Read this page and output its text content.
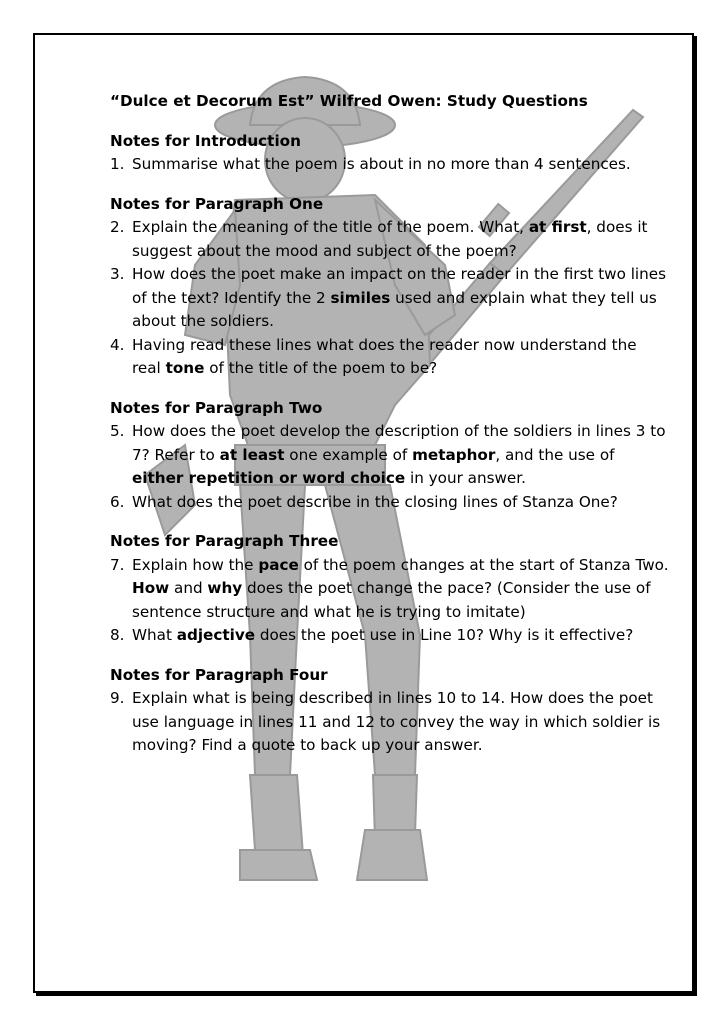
“Dulce et Decorum Est” Wilfred Owen: Study Questions
Notes for Introduction
1. Summarise what the poem is about in no more than 4 sentences.
Notes for Paragraph One
2. Explain the meaning of the title of the poem. What, at first, does it suggest about the mood and subject of the poem?
3. How does the poet make an impact on the reader in the first two lines of the text? Identify the 2 similes used and explain what they tell us about the soldiers.
4. Having read these lines what does the reader now understand the real tone of the title of the poem to be?
Notes for Paragraph Two
5. How does the poet develop the description of the soldiers in lines 3 to 7? Refer to at least one example of metaphor, and the use of either repetition or word choice in your answer.
6. What does the poet describe in the closing lines of Stanza One?
Notes for Paragraph Three
7. Explain how the pace of the poem changes at the start of Stanza Two. How and why does the poet change the pace? (Consider the use of sentence structure and what he is trying to imitate)
8. What adjective does the poet use in Line 10? Why is it effective?
Notes for Paragraph Four
9. Explain what is being described in lines 10 to 14. How does the poet use language in lines 11 and 12 to convey the way in which soldier is moving? Find a quote to back up your answer.
